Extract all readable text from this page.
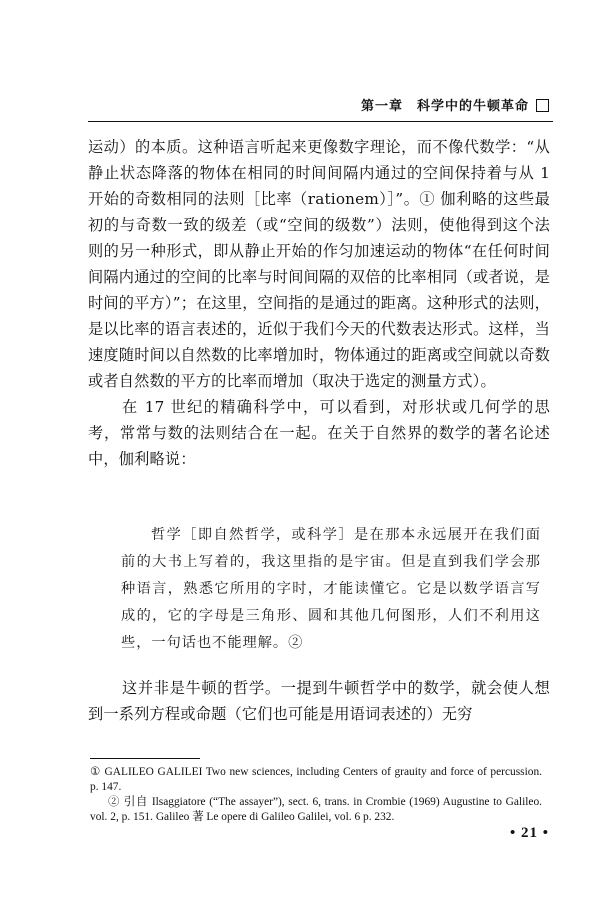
第一章　科学中的牛顿革命

运动）的本质。这种语言听起来更像数字理论，而不像代数学：“从静止状态降落的物体在相同的时间间隔内通过的空间保持着与从 1 开始的奇数相同的法则［比率（rationem）］”。① 伽利略的这些最初的与奇数一致的级差（或“空间的级数”）法则，使他得到这个法则的另一种形式，即从静止开始的作匀加速运动的物体“在任何时间间隔内通过的空间的比率与时间间隔的双倍的比率相同（或者说，是时间的平方）”；在这里，空间指的是通过的距离。这种形式的法则，是以比率的语言表述的，近似于我们今天的代数表达形式。这样，当速度随时间以自然数的比率增加时，物体通过的距离或空间就以奇数或者自然数的平方的比率而增加（取决于选定的测量方式）。

在 17 世纪的精确科学中，可以看到，对形状或几何学的思考，常常与数的法则结合在一起。在关于自然界的数学的著名论述中，伽利略说：

哲学［即自然哲学，或科学］是在那本永远展开在我们面前的大书上写着的，我这里指的是宇宙。但是直到我们学会那种语言，熟悉它所用的字时，才能读懂它。它是以数学语言写成的，它的字母是三角形、圆和其他几何图形，人们不利用这些，一句话也不能理解。②

这并非是牛顿的哲学。一提到牛顿哲学中的数学，就会使人想到一系列方程或命题（它们也可能是用语词表述的）无穷

① GALILEO GALILEI Two new sciences, including Centers of grauity and force of percussion. p. 147.

② 引自 Ilsaggiatore (“The assayer”), sect. 6, trans. in Crombie (1969) Augustine to Galileo. vol. 2, p. 151. Galileo 著 Le opere di Galileo Galilei, vol. 6 p. 232.

• 21 •
